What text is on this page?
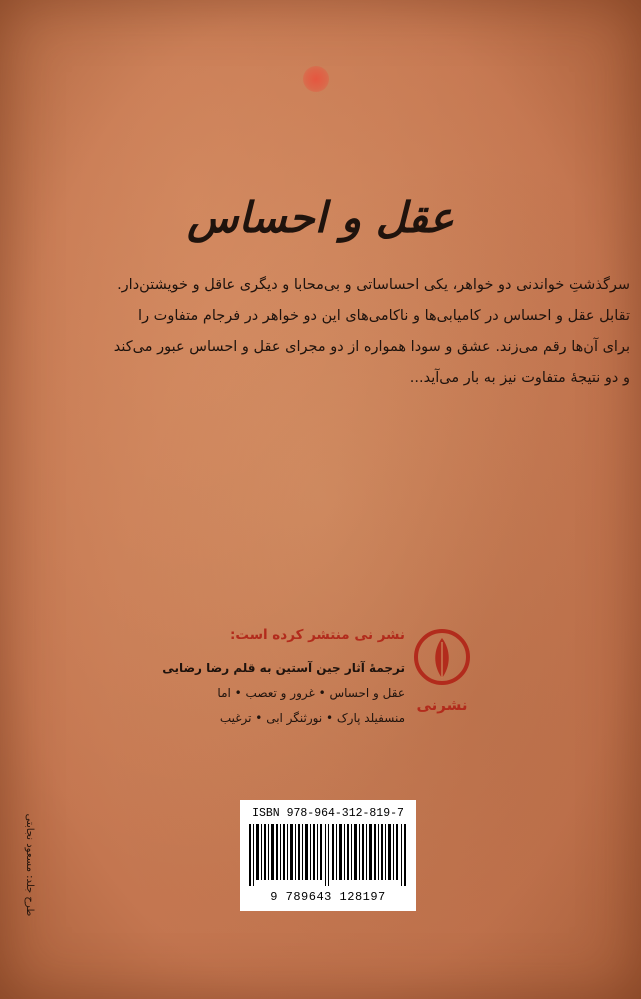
عقل و احساس
سرگذشتِ خواندنی دو خواهر، یکی احساساتی و بی‌محابا و دیگری عاقل و خویشتن‌دار.
تقابل عقل و احساس در کامیابی‌ها و ناکامی‌های این دو خواهر در فرجام متفاوت را
برای آن‌ها رقم می‌زند. عشق و سودا همواره از دو مجرای عقل و احساس عبور می‌کند
و دو نتیجهٔ متفاوت نیز به بار می‌آید...
نشر نی منتشر کرده است:
ترجمهٔ آثار جین آستین به قلم رضا رضایی
عقل و احساس • غرور و تعصب • اما
منسفیلد پارک • نورثنگر ابی • ترغیب
نشرنی
طرح جلد: مسعود نجابتی
ISBN 978-964-312-819-7
9 789643 128197
